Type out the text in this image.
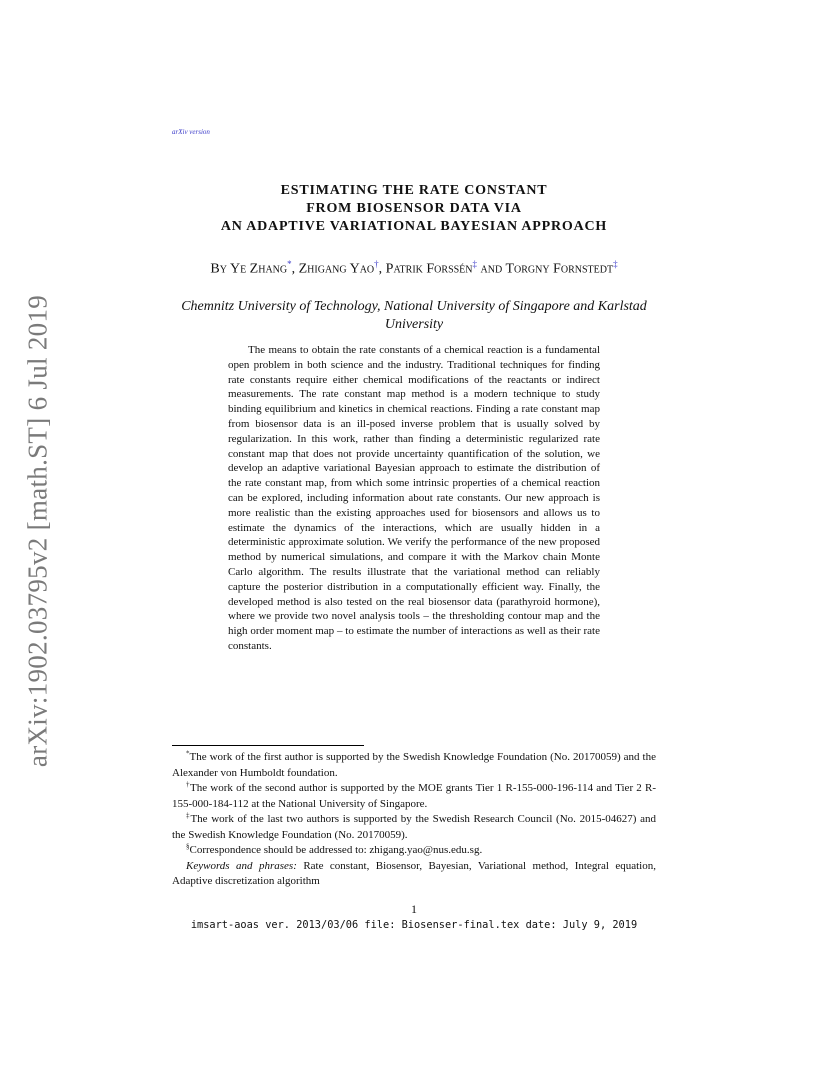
arXiv:1902.03795v2 [math.ST] 6 Jul 2019
arXiv version
ESTIMATING THE RATE CONSTANT
FROM BIOSENSOR DATA VIA
AN ADAPTIVE VARIATIONAL BAYESIAN APPROACH
By Ye Zhang*, Zhigang Yao†, Patrik Forssén‡ and Torgny Fornstedt‡
Chemnitz University of Technology, National University of Singapore and Karlstad University

The means to obtain the rate constants of a chemical reaction is a fundamental open problem in both science and the industry. Traditional techniques for finding rate constants require either chemical modifications of the reactants or indirect measurements. The rate constant map method is a modern technique to study binding equilibrium and kinetics in chemical reactions. Finding a rate constant map from biosensor data is an ill-posed inverse problem that is usually solved by regularization. In this work, rather than finding a deterministic regularized rate constant map that does not provide uncertainty quantification of the solution, we develop an adaptive variational Bayesian approach to estimate the distribution of the rate constant map, from which some intrinsic properties of a chemical reaction can be explored, including information about rate constants. Our new approach is more realistic than the existing approaches used for biosensors and allows us to estimate the dynamics of the interactions, which are usually hidden in a deterministic approximate solution. We verify the performance of the new proposed method by numerical simulations, and compare it with the Markov chain Monte Carlo algorithm. The results illustrate that the variational method can reliably capture the posterior distribution in a computationally efficient way. Finally, the developed method is also tested on the real biosensor data (parathyroid hormone), where we provide two novel analysis tools – the thresholding contour map and the high order moment map – to estimate the number of interactions as well as their rate constants.

*The work of the first author is supported by the Swedish Knowledge Foundation (No. 20170059) and the Alexander von Humboldt foundation.

†The work of the second author is supported by the MOE grants Tier 1 R-155-000-196-114 and Tier 2 R-155-000-184-112 at the National University of Singapore.

‡The work of the last two authors is supported by the Swedish Research Council (No. 2015-04627) and the Swedish Knowledge Foundation (No. 20170059).

§Correspondence should be addressed to: zhigang.yao@nus.edu.sg.

Keywords and phrases: Rate constant, Biosensor, Bayesian, Variational method, Integral equation, Adaptive discretization algorithm

1
imsart-aoas ver. 2013/03/06 file: Biosenser-final.tex date: July 9, 2019
